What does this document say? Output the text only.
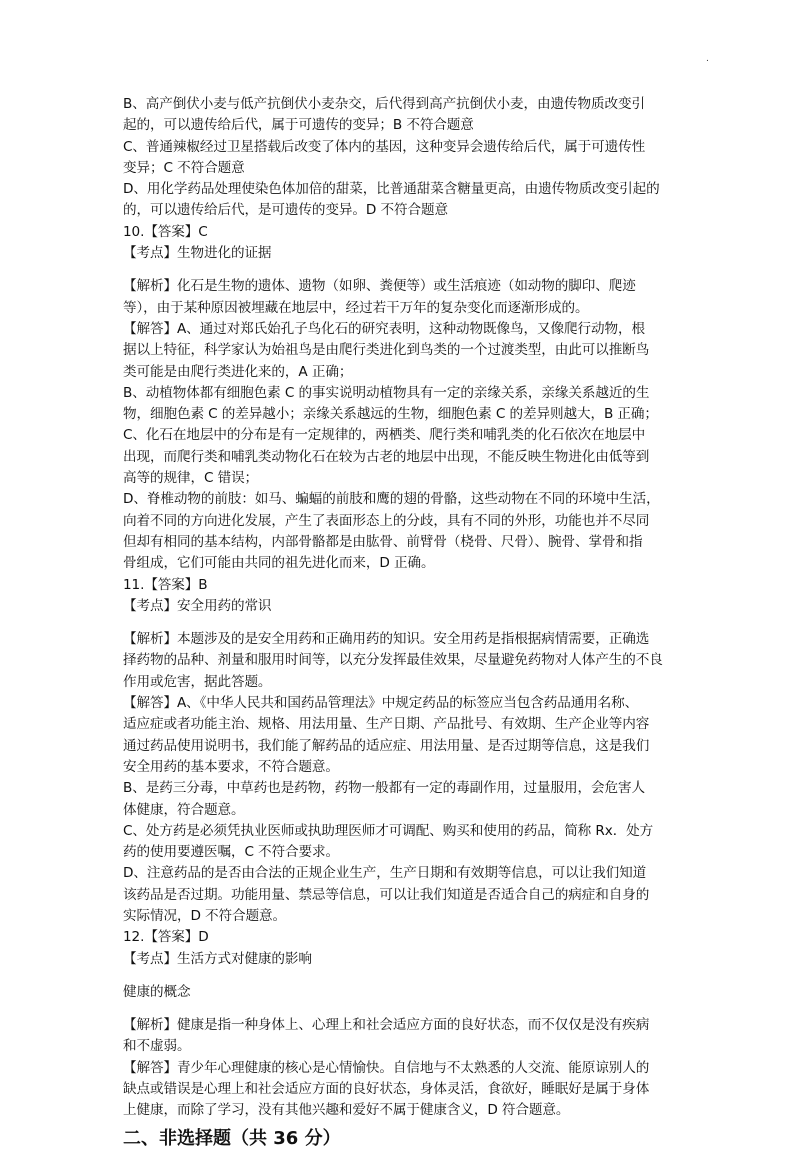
.
B、高产倒伏小麦与低产抗倒伏小麦杂交，后代得到高产抗倒伏小麦，由遗传物质改变引
起的，可以遗传给后代，属于可遗传的变异；B 不符合题意
C、普通辣椒经过卫星搭载后改变了体内的基因，这种变异会遗传给后代，属于可遗传性
变异；C 不符合题意
D、用化学药品处理使染色体加倍的甜菜，比普通甜菜含糖量更高，由遗传物质改变引起的
的，可以遗传给后代，是可遗传的变异。D 不符合题意
10.【答案】C
【考点】生物进化的证据
【解析】化石是生物的遗体、遗物（如卵、粪便等）或生活痕迹（如动物的脚印、爬迹
等），由于某种原因被埋藏在地层中，经过若干万年的复杂变化而逐渐形成的。
【解答】A、通过对郑氏始孔子鸟化石的研究表明，这种动物既像鸟，又像爬行动物，根
据以上特征，科学家认为始祖鸟是由爬行类进化到鸟类的一个过渡类型，由此可以推断鸟
类可能是由爬行类进化来的，A 正确；
B、动植物体都有细胞色素 C 的事实说明动植物具有一定的亲缘关系，亲缘关系越近的生
物，细胞色素 C 的差异越小；亲缘关系越远的生物，细胞色素 C 的差异则越大，B 正确；
C、化石在地层中的分布是有一定规律的，两栖类、爬行类和哺乳类的化石依次在地层中
出现，而爬行类和哺乳类动物化石在较为古老的地层中出现，不能反映生物进化由低等到
高等的规律，C 错误；
D、脊椎动物的前肢：如马、蝙蝠的前肢和鹰的翅的骨骼，这些动物在不同的环境中生活，
向着不同的方向进化发展，产生了表面形态上的分歧，具有不同的外形，功能也并不尽同
但却有相同的基本结构，内部骨骼都是由肱骨、前臂骨（桡骨、尺骨）、腕骨、掌骨和指
骨组成，它们可能由共同的祖先进化而来，D 正确。
11.【答案】B
【考点】安全用药的常识
【解析】本题涉及的是安全用药和正确用药的知识。安全用药是指根据病情需要，正确选
择药物的品种、剂量和服用时间等，以充分发挥最佳效果，尽量避免药物对人体产生的不良
作用或危害，据此答题。
【解答】A、《中华人民共和国药品管理法》中规定药品的标签应当包含药品通用名称、
适应症或者功能主治、规格、用法用量、生产日期、产品批号、有效期、生产企业等内容
通过药品使用说明书，我们能了解药品的适应症、用法用量、是否过期等信息，这是我们
安全用药的基本要求，不符合题意。
B、是药三分毒，中草药也是药物，药物一般都有一定的毒副作用，过量服用，会危害人
体健康，符合题意。
C、处方药是必须凭执业医师或执助理医师才可调配、购买和使用的药品，简称 Rx．处方
药的使用要遵医嘱，C 不符合要求。
D、注意药品的是否由合法的正规企业生产，生产日期和有效期等信息，可以让我们知道
该药品是否过期。功能用量、禁忌等信息，可以让我们知道是否适合自己的病症和自身的
实际情况，D 不符合题意。
12.【答案】D
【考点】生活方式对健康的影响
健康的概念
【解析】健康是指一种身体上、心理上和社会适应方面的良好状态，而不仅仅是没有疾病
和不虚弱。
【解答】青少年心理健康的核心是心情愉快。自信地与不太熟悉的人交流、能原谅别人的
缺点或错误是心理上和社会适应方面的良好状态，身体灵活，食欲好，睡眠好是属于身体
上健康，而除了学习，没有其他兴趣和爱好不属于健康含义，D 符合题意。
二、非选择题（共 36 分）
